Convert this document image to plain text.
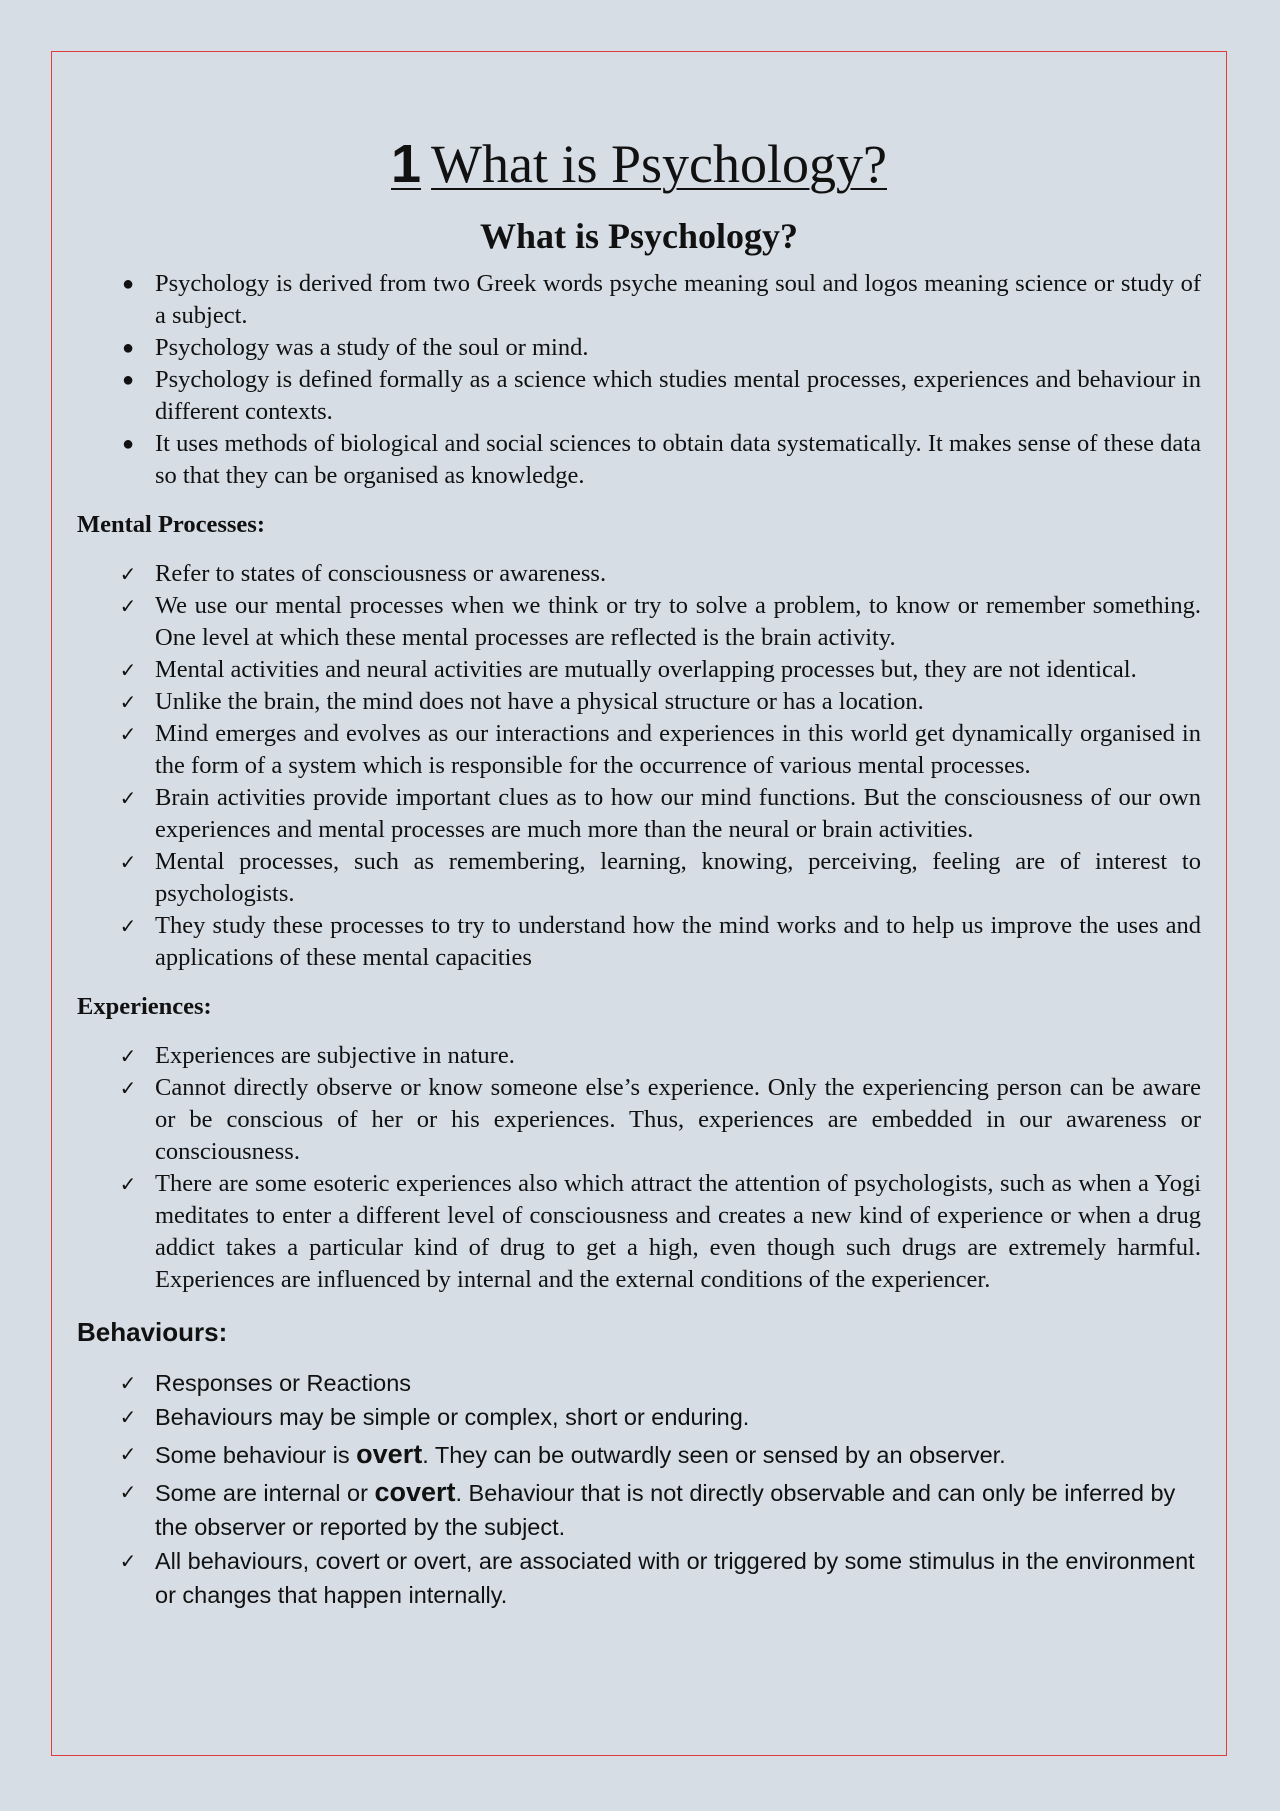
1 What is Psychology?
What is Psychology?
● Psychology is derived from two Greek words psyche meaning soul and logos meaning science or study of a subject.
● Psychology was a study of the soul or mind.
● Psychology is defined formally as a science which studies mental processes, experiences and behaviour in different contexts.
● It uses methods of biological and social sciences to obtain data systematically. It makes sense of these data so that they can be organised as knowledge.
Mental Processes:
✓ Refer to states of consciousness or awareness.
✓ We use our mental processes when we think or try to solve a problem, to know or remember something. One level at which these mental processes are reflected is the brain activity.
✓ Mental activities and neural activities are mutually overlapping processes but, they are not identical.
✓ Unlike the brain, the mind does not have a physical structure or has a location.
✓ Mind emerges and evolves as our interactions and experiences in this world get dynamically organised in the form of a system which is responsible for the occurrence of various mental processes.
✓ Brain activities provide important clues as to how our mind functions. But the consciousness of our own experiences and mental processes are much more than the neural or brain activities.
✓ Mental processes, such as remembering, learning, knowing, perceiving, feeling are of interest to psychologists.
✓ They study these processes to try to understand how the mind works and to help us improve the uses and applications of these mental capacities
Experiences:
✓ Experiences are subjective in nature.
✓ Cannot directly observe or know someone else’s experience. Only the experiencing person can be aware or be conscious of her or his experiences. Thus, experiences are embedded in our awareness or consciousness.
✓ There are some esoteric experiences also which attract the attention of psychologists, such as when a Yogi meditates to enter a different level of consciousness and creates a new kind of experience or when a drug addict takes a particular kind of drug to get a high, even though such drugs are extremely harmful. Experiences are influenced by internal and the external conditions of the experiencer.
Behaviours:
✓ Responses or Reactions
✓ Behaviours may be simple or complex, short or enduring.
✓ Some behaviour is overt. They can be outwardly seen or sensed by an observer.
✓ Some are internal or covert. Behaviour that is not directly observable and can only be inferred by the observer or reported by the subject.
✓ All behaviours, covert or overt, are associated with or triggered by some stimulus in the environment or changes that happen internally.
